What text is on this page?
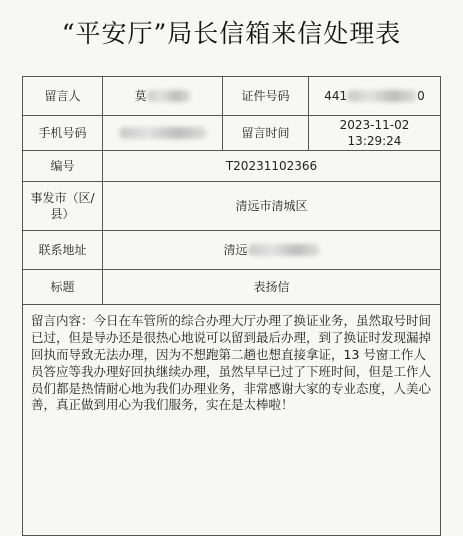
“平安厅”局长信箱来信处理表
留言人	莫	证件号码	441 0
手机号码		留言时间	2023-11-02 13:29:24
编号	T20231102366		
事发市（区/县）	清远市清城区		
联系地址	清远		
标题	表扬信		
留言内容：今日在车管所的综合办理大厅办理了换证业务，虽然取号时间已过，但是导办还是很热心地说可以留到最后办理，到了换证时发现漏掉回执而导致无法办理，因为不想跑第二趟也想直接拿证，13 号窗工作人员答应等我办理好回执继续办理，虽然早早已过了下班时间，但是工作人员们都是热情耐心地为我们办理业务，非常感谢大家的专业态度，人美心善，真正做到用心为我们服务，实在是太棒啦！			
